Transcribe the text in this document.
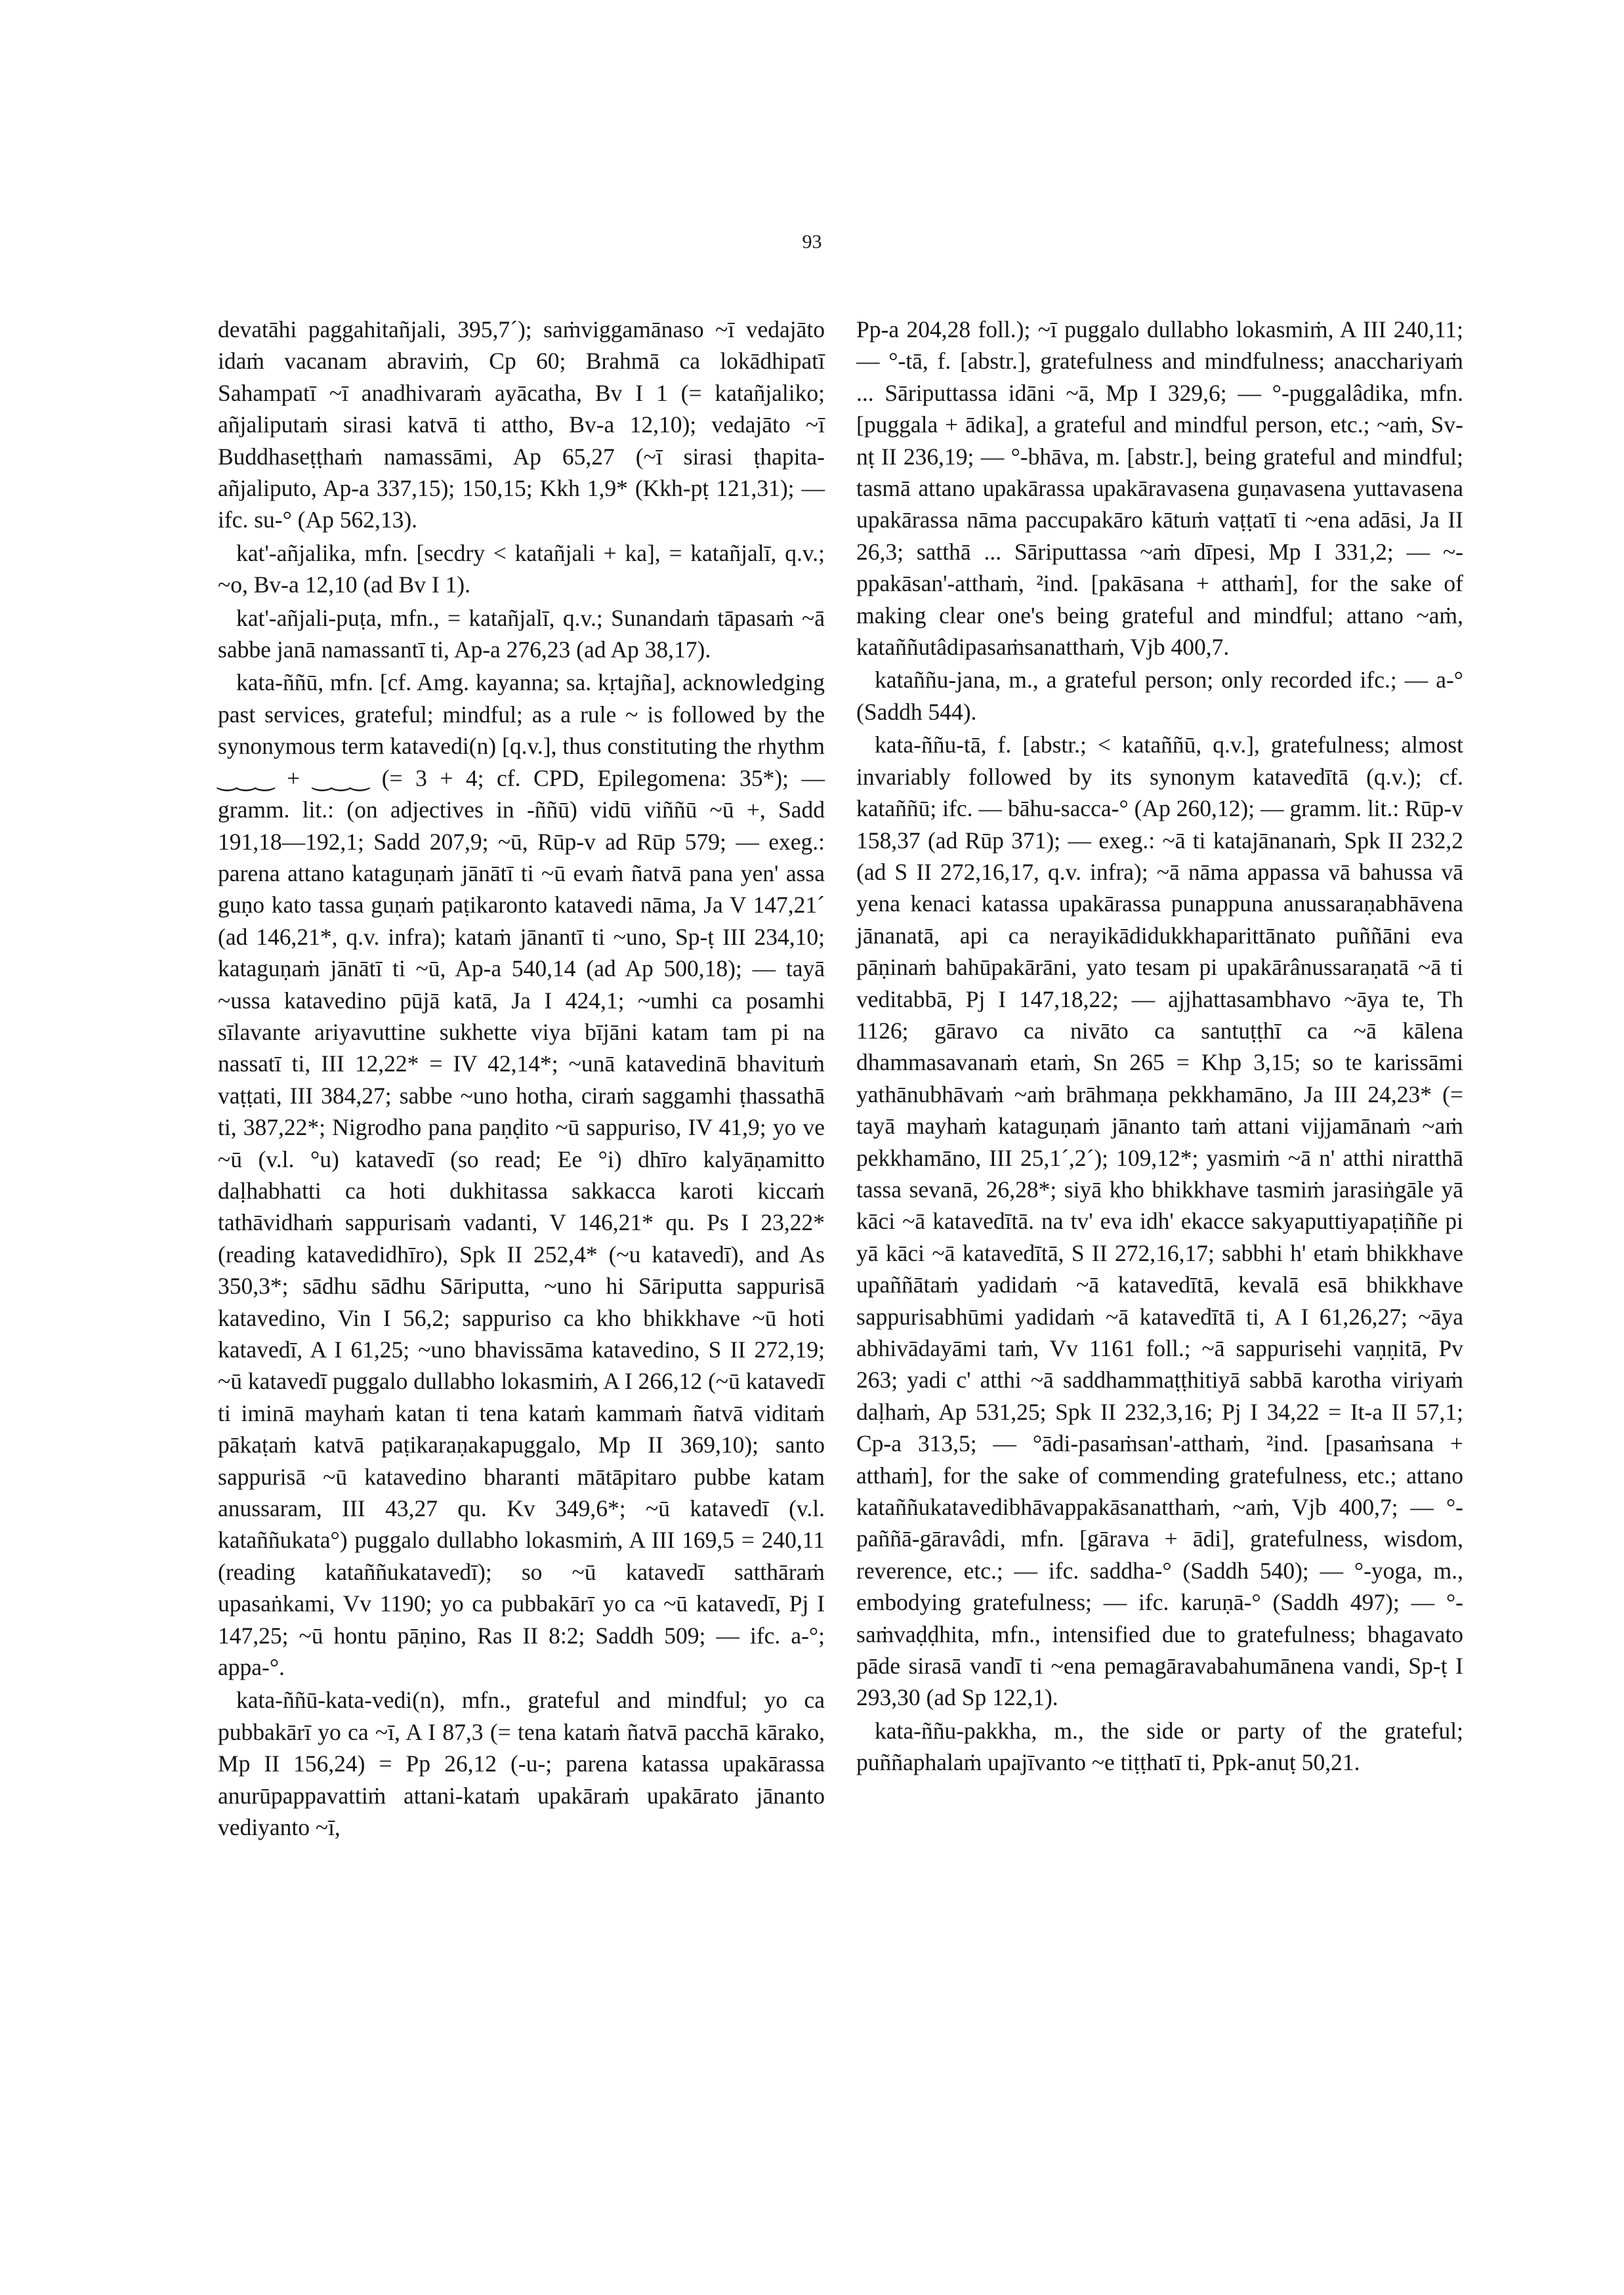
93

devatāhi paggahitañjali, 395,7´); saṁviggamānaso ~ī vedajāto idaṁ vacanam abraviṁ, Cp 60; Brahmā ca lokādhipatī Sahampatī ~ī anadhivaraṁ ayācatha, Bv I 1 (= katañjaliko; añjaliputaṁ sirasi katvā ti attho, Bv-a 12,10); vedajāto ~ī Buddhaseṭṭhaṁ namassāmi, Ap 65,27 (~ī sirasi ṭhapita-añjaliputo, Ap-a 337,15); 150,15; Kkh 1,9* (Kkh-pṭ 121,31); — ifc. su-° (Ap 562,13).

kat'-añjalika, mfn. [secdry < katañjali + ka], = katañjalī, q.v.; ~o, Bv-a 12,10 (ad Bv I 1).

kat'-añjali-puṭa, mfn., = katañjalī, q.v.; Sunandaṁ tāpasaṁ ~ā sabbe janā namassantī ti, Ap-a 276,23 (ad Ap 38,17).

kata-ññū, mfn. [cf. Amg. kayanna; sa. kṛtajña], acknowledging past services, grateful; mindful; as a rule ~ is followed by the synonymous term katavedi(n) [q.v.], thus constituting the rhythm ‿‿‿ + ‿‿‿ (= 3 + 4; cf. CPD, Epilegomena: 35*); — gramm. lit.: (on adjectives in -ññū) vidū viññū ~ū +, Sadd 191,18—192,1; Sadd 207,9; ~ū, Rūp-v ad Rūp 579; — exeg.: parena attano kataguṇaṁ jānātī ti ~ū evaṁ ñatvā pana yen' assa guṇo kato tassa guṇaṁ paṭikaronto katavedi nāma, Ja V 147,21´ (ad 146,21*, q.v. infra); kataṁ jānantī ti ~uno, Sp-ṭ III 234,10; kataguṇaṁ jānātī ti ~ū, Ap-a 540,14 (ad Ap 500,18); — tayā ~ussa katavedino pūjā katā, Ja I 424,1; ~umhi ca posamhi sīlavante ariyavuttine sukhette viya bījāni katam tam pi na nassatī ti, III 12,22* = IV 42,14*; ~unā katavedinā bhavituṁ vaṭṭati, III 384,27; sabbe ~uno hotha, ciraṁ saggamhi ṭhassathā ti, 387,22*; Nigrodho pana paṇḍito ~ū sappuriso, IV 41,9; yo ve ~ū (v.l. °u) katavedī (so read; Ee °i) dhīro kalyāṇamitto daḷhabhatti ca hoti dukhitassa sakkacca karoti kiccaṁ tathāvidhaṁ sappurisaṁ vadanti, V 146,21* qu. Ps I 23,22* (reading katavedidhīro), Spk II 252,4* (~u katavedī), and As 350,3*; sādhu sādhu Sāriputta, ~uno hi Sāriputta sappurisā katavedino, Vin I 56,2; sappuriso ca kho bhikkhave ~ū hoti katavedī, A I 61,25; ~uno bhavissāma katavedino, S II 272,19; ~ū katavedī puggalo dullabho lokasmiṁ, A I 266,12 (~ū katavedī ti iminā mayhaṁ katan ti tena kataṁ kammaṁ ñatvā viditaṁ pākaṭaṁ katvā paṭikaraṇakapuggalo, Mp II 369,10); santo sappurisā ~ū katavedino bharanti mātāpitaro pubbe katam anussaram, III 43,27 qu. Kv 349,6*; ~ū katavedī (v.l. kataññukata°) puggalo dullabho lokasmiṁ, A III 169,5 = 240,11 (reading kataññukatavedī); so ~ū katavedī satthāraṁ upasaṅkami, Vv 1190; yo ca pubbakārī yo ca ~ū katavedī, Pj I 147,25; ~ū hontu pāṇino, Ras II 8:2; Saddh 509; — ifc. a-°; appa-°.

kata-ññū-kata-vedi(n), mfn., grateful and mindful; yo ca pubbakārī yo ca ~ī, A I 87,3 (= tena kataṁ ñatvā pacchā kārako, Mp II 156,24) = Pp 26,12 (-u-; parena katassa upakārassa anurūpappavattiṁ attani-kataṁ upakāraṁ upakārato jānanto vediyanto ~ī,

Pp-a 204,28 foll.); ~ī puggalo dullabho lokasmiṁ, A III 240,11; — °-tā, f. [abstr.], gratefulness and mindfulness; anacchariyaṁ ... Sāriputtassa idāni ~ā, Mp I 329,6; — °-puggalâdika, mfn. [puggala + ādika], a grateful and mindful person, etc.; ~aṁ, Sv-nṭ II 236,19; — °-bhāva, m. [abstr.], being grateful and mindful; tasmā attano upakārassa upakāravasena guṇavasena yuttavasena upakārassa nāma paccupakāro kātuṁ vaṭṭatī ti ~ena adāsi, Ja II 26,3; satthā ... Sāriputtassa ~aṁ dīpesi, Mp I 331,2; — ~-ppakāsan'-atthaṁ, ²ind. [pakāsana + atthaṁ], for the sake of making clear one's being grateful and mindful; attano ~aṁ, kataññutâdipasaṁsanatthaṁ, Vjb 400,7.

kataññu-jana, m., a grateful person; only recorded ifc.; — a-° (Saddh 544).

kata-ññu-tā, f. [abstr.; < kataññū, q.v.], gratefulness; almost invariably followed by its synonym katavedītā (q.v.); cf. kataññū; ifc. — bāhu-sacca-° (Ap 260,12); — gramm. lit.: Rūp-v 158,37 (ad Rūp 371); — exeg.: ~ā ti katajānanaṁ, Spk II 232,2 (ad S II 272,16,17, q.v. infra); ~ā nāma appassa vā bahussa vā yena kenaci katassa upakārassa punappuna anussaraṇabhāvena jānanatā, api ca nerayikādidukkhaparittānato puññāni eva pāṇinaṁ bahūpakārāni, yato tesam pi upakārânussaraṇatā ~ā ti veditabbā, Pj I 147,18,22; — ajjhattasambhavo ~āya te, Th 1126; gāravo ca nivāto ca santuṭṭhī ca ~ā kālena dhammasavanaṁ etaṁ, Sn 265 = Khp 3,15; so te karissāmi yathānubhāvaṁ ~aṁ brāhmaṇa pekkhamāno, Ja III 24,23* (= tayā mayhaṁ kataguṇaṁ jānanto taṁ attani vijjamānaṁ ~aṁ pekkhamāno, III 25,1´,2´); 109,12*; yasmiṁ ~ā n' atthi niratthā tassa sevanā, 26,28*; siyā kho bhikkhave tasmiṁ jarasiṅgāle yā kāci ~ā katavedītā. na tv' eva idh' ekacce sakyaputtiyapaṭiññe pi yā kāci ~ā katavedītā, S II 272,16,17; sabbhi h' etaṁ bhikkhave upaññātaṁ yadidaṁ ~ā katavedītā, kevalā esā bhikkhave sappurisabhūmi yadidaṁ ~ā katavedītā ti, A I 61,26,27; ~āya abhivādayāmi taṁ, Vv 1161 foll.; ~ā sappurisehi vaṇṇitā, Pv 263; yadi c' atthi ~ā saddhammaṭṭhitiyā sabbā karotha viriyaṁ daḷhaṁ, Ap 531,25; Spk II 232,3,16; Pj I 34,22 = It-a II 57,1; Cp-a 313,5; — °ādi-pasaṁsan'-atthaṁ, ²ind. [pasaṁsana + atthaṁ], for the sake of commending gratefulness, etc.; attano kataññukatavedibhāvappakāsanatthaṁ, ~aṁ, Vjb 400,7; — °-paññā-gāravâdi, mfn. [gārava + ādi], gratefulness, wisdom, reverence, etc.; — ifc. saddha-° (Saddh 540); — °-yoga, m., embodying gratefulness; — ifc. karuṇā-° (Saddh 497); — °-saṁvaḍḍhita, mfn., intensified due to gratefulness; bhagavato pāde sirasā vandī ti ~ena pemagāravabahumānena vandi, Sp-ṭ I 293,30 (ad Sp 122,1).

kata-ññu-pakkha, m., the side or party of the grateful; puññaphalaṁ upajīvanto ~e tiṭṭhatī ti, Ppk-anuṭ 50,21.
